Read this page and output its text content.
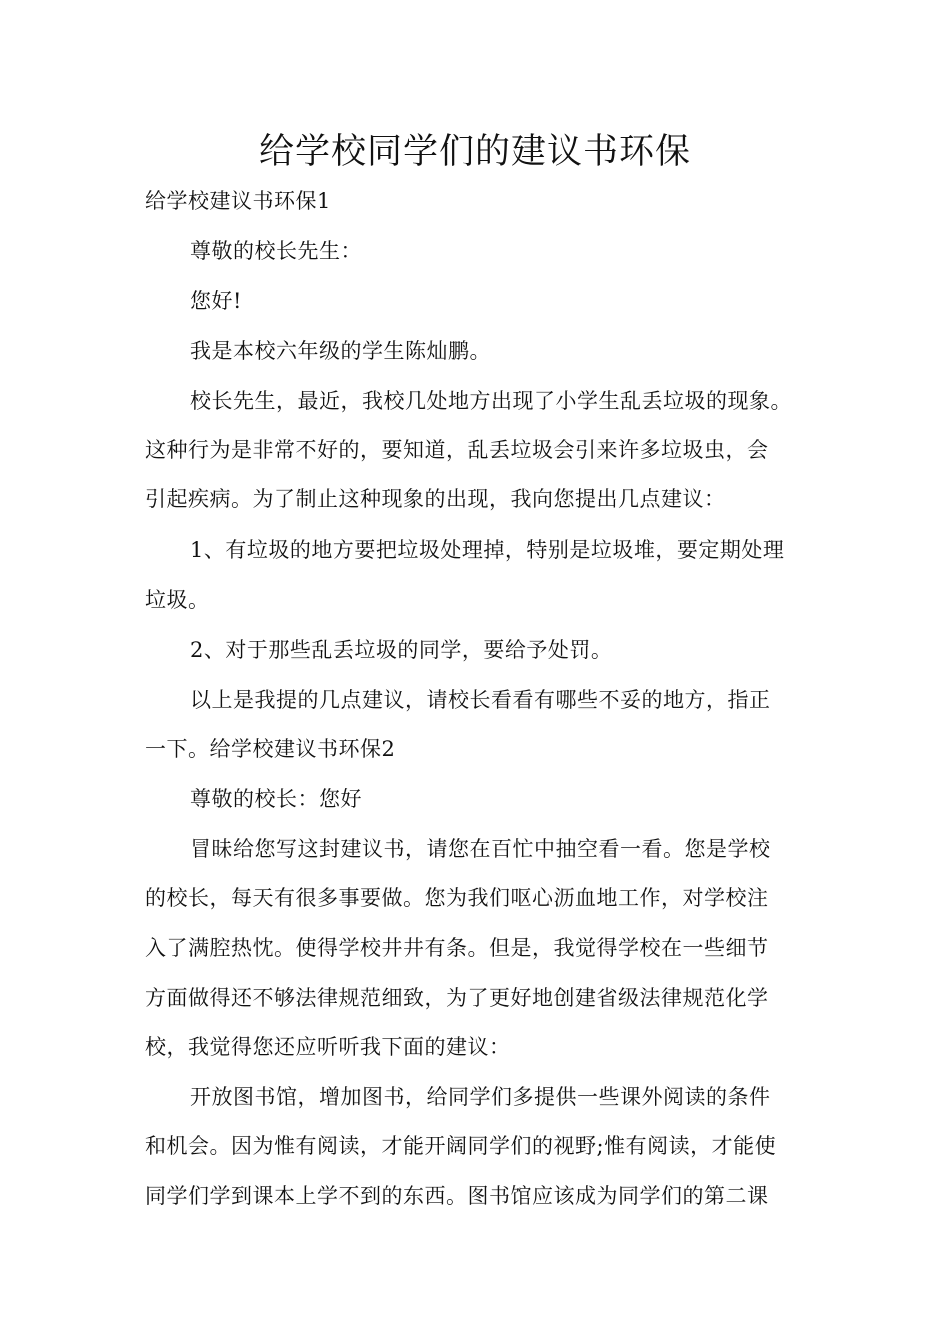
给学校同学们的建议书环保
给学校建议书环保1
尊敬的校长先生：
您好!
我是本校六年级的学生陈灿鹏。
校长先生，最近，我校几处地方出现了小学生乱丢垃圾的现象。
这种行为是非常不好的，要知道，乱丢垃圾会引来许多垃圾虫，会
引起疾病。为了制止这种现象的出现，我向您提出几点建议：
1、有垃圾的地方要把垃圾处理掉，特别是垃圾堆，要定期处理
垃圾。
2、对于那些乱丢垃圾的同学，要给予处罚。
以上是我提的几点建议，请校长看看有哪些不妥的地方，指正
一下。给学校建议书环保2
尊敬的校长：您好
冒昧给您写这封建议书，请您在百忙中抽空看一看。您是学校
的校长，每天有很多事要做。您为我们呕心沥血地工作，对学校注
入了满腔热忱。使得学校井井有条。但是，我觉得学校在一些细节
方面做得还不够法律规范细致，为了更好地创建省级法律规范化学
校，我觉得您还应听听我下面的建议：
开放图书馆，增加图书，给同学们多提供一些课外阅读的条件
和机会。因为惟有阅读，才能开阔同学们的视野;惟有阅读，才能使
同学们学到课本上学不到的东西。图书馆应该成为同学们的第二课
